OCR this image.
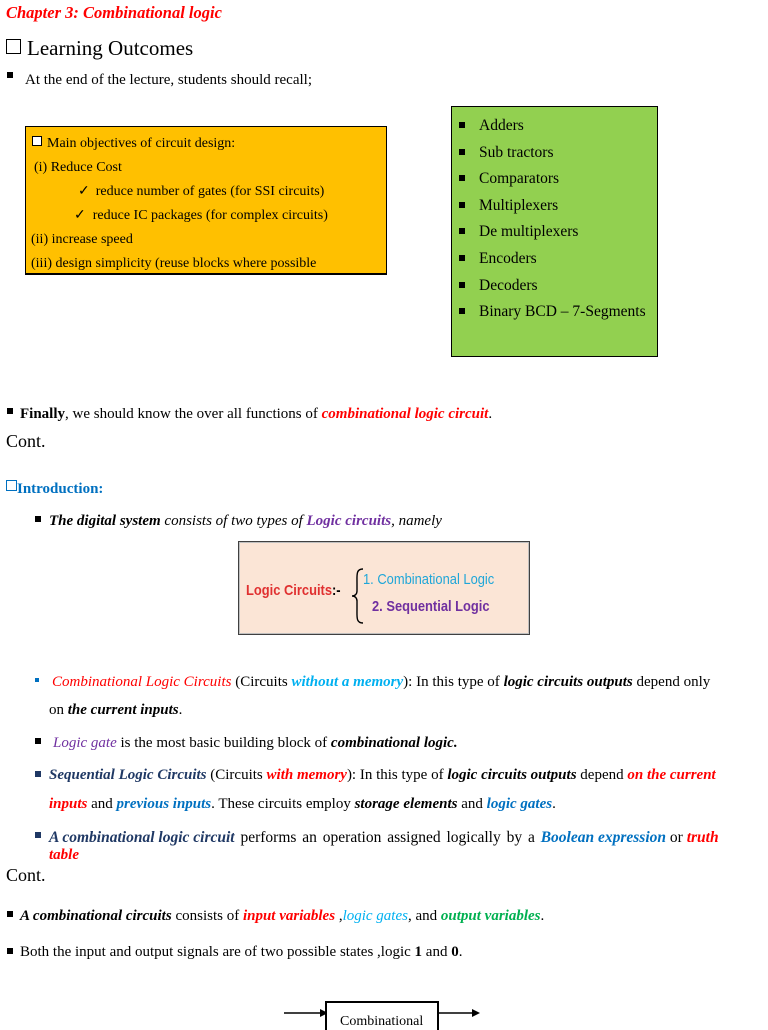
Chapter 3: Combinational logic
Learning Outcomes
At the end of the lecture, students should recall;
Main objectives of circuit design:
(i) Reduce Cost
✓ reduce number of gates (for SSI circuits)
✓ reduce IC packages (for complex circuits)
(ii) increase speed
(iii) design simplicity (reuse blocks where possible
Adders
Sub tractors
Comparators
Multiplexers
De multiplexers
Encoders
Decoders
Binary BCD – 7-Segments
Finally, we should know the over all functions of combinational logic circuit.
Cont.
Introduction:
The digital system consists of two types of Logic circuits, namely
Logic Circuits:-
1. Combinational Logic
2. Sequential Logic
Combinational Logic Circuits (Circuits without a memory): In this type of logic circuits outputs depend only
on the current inputs.
Logic gate is the most basic building block of combinational logic.
Sequential Logic Circuits (Circuits with memory): In this type of logic circuits outputs depend on the current
inputs and previous inputs. These circuits employ storage elements and logic gates.
A combinational logic circuit performs an operation assigned logically by a Boolean expression or truth
table
Cont.
A combinational circuits consists of input variables ,logic gates, and output variables.
Both the input and output signals are of two possible states ,logic 1 and 0.
Combinational
